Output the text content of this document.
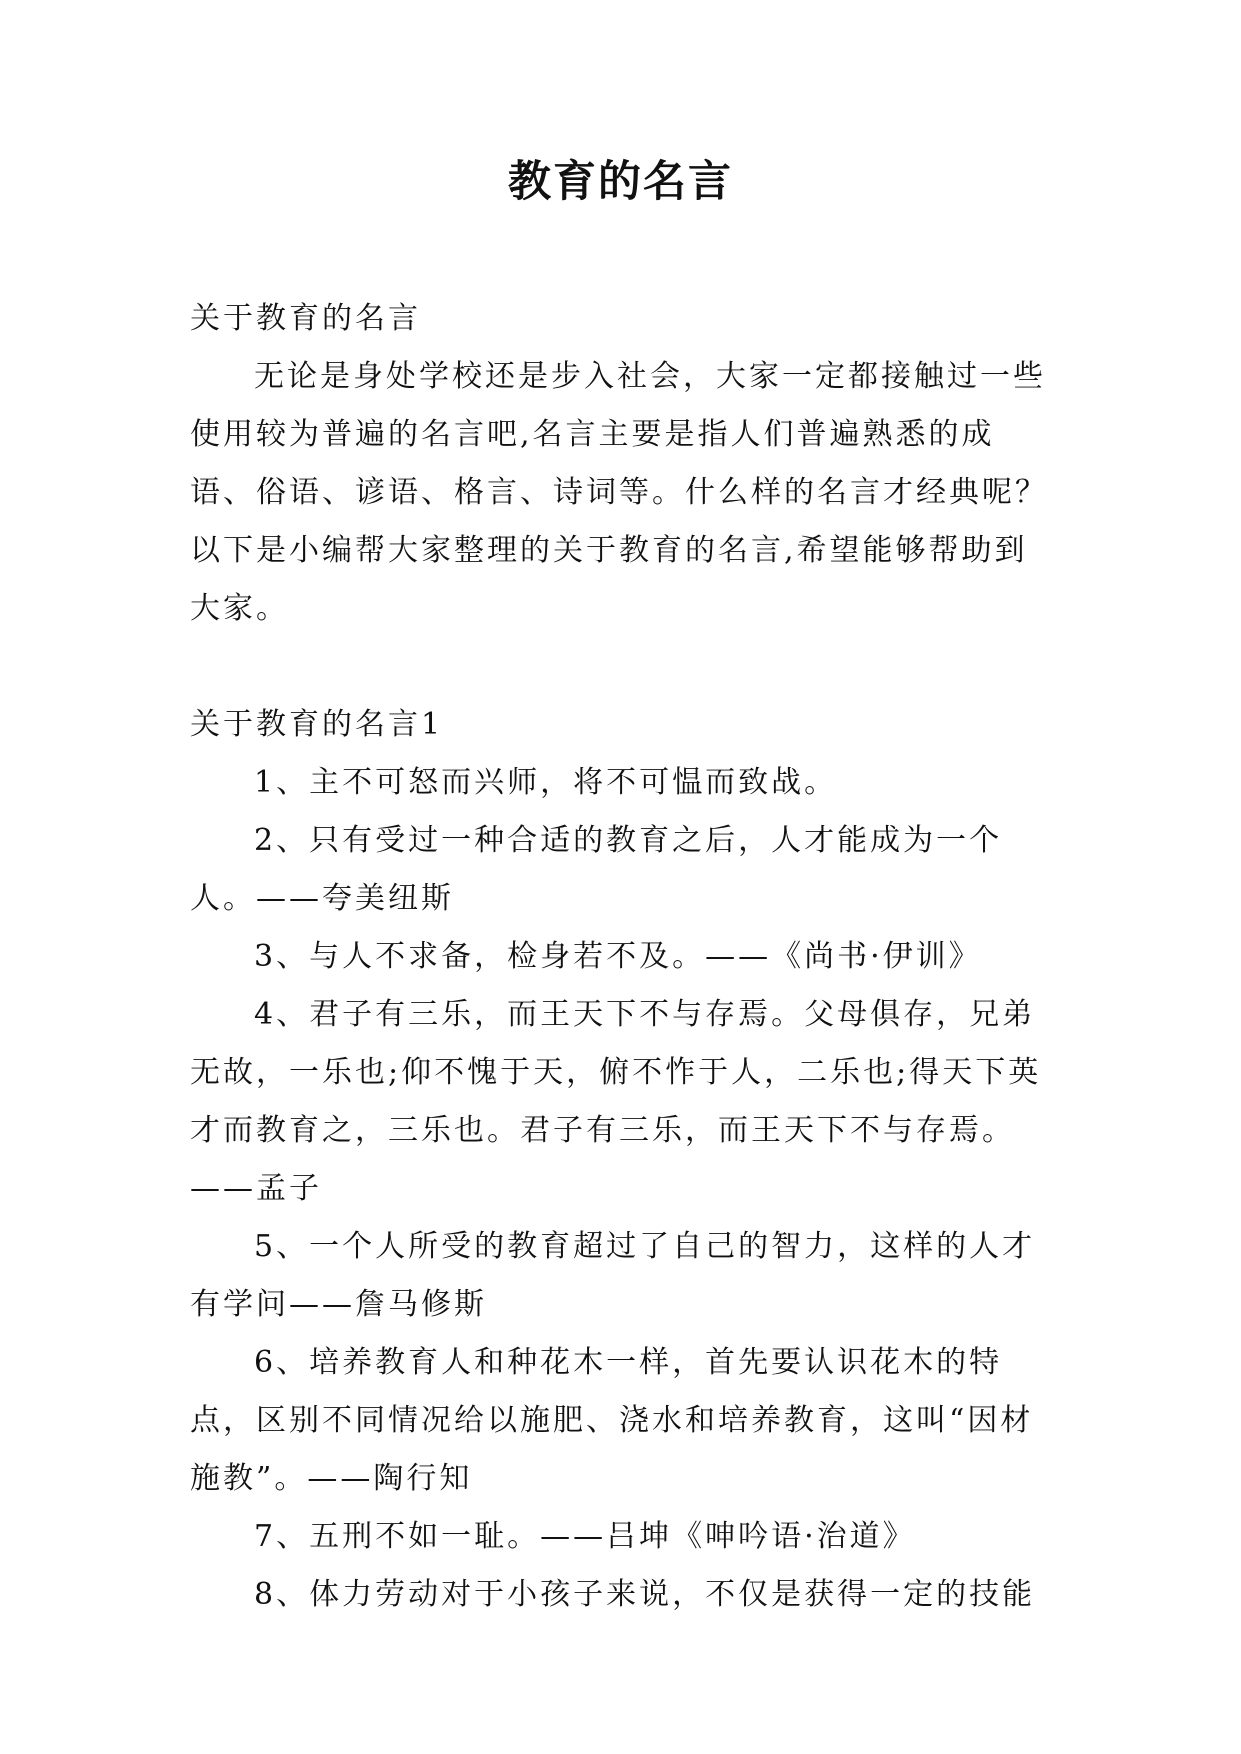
教育的名言

关于教育的名言

无论是身处学校还是步入社会，大家一定都接触过一些使用较为普遍的名言吧,名言主要是指人们普遍熟悉的成语、俗语、谚语、格言、诗词等。什么样的名言才经典呢？以下是小编帮大家整理的关于教育的名言,希望能够帮助到大家。

关于教育的名言1

1、主不可怒而兴师，将不可愠而致战。

2、只有受过一种合适的教育之后，人才能成为一个人。——夸美纽斯

3、与人不求备，检身若不及。——《尚书·伊训》

4、君子有三乐，而王天下不与存焉。父母俱存，兄弟无故，一乐也;仰不愧于天，俯不怍于人，二乐也;得天下英才而教育之，三乐也。君子有三乐，而王天下不与存焉。——孟子

5、一个人所受的教育超过了自己的智力，这样的人才有学问——詹马修斯

6、培养教育人和种花木一样，首先要认识花木的特点，区别不同情况给以施肥、浇水和培养教育，这叫“因材施教”。——陶行知

7、五刑不如一耻。——吕坤《呻吟语·治道》

8、体力劳动对于小孩子来说，不仅是获得一定的技能
